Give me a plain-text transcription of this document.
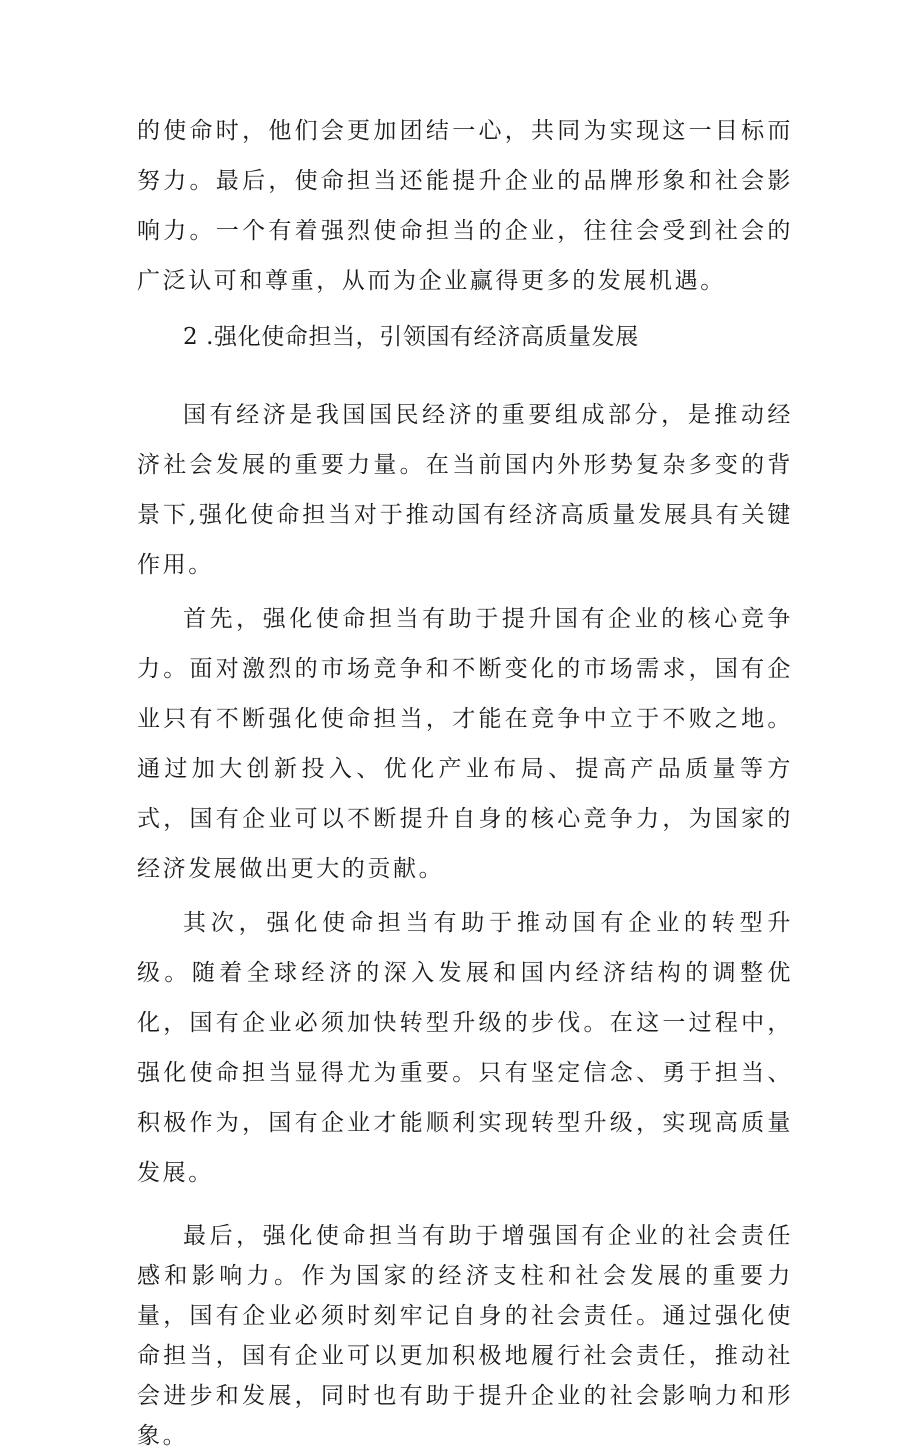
的使命时，他们会更加团结一心，共同为实现这一目标而努力。最后，使命担当还能提升企业的品牌形象和社会影响力。一个有着强烈使命担当的企业，往往会受到社会的广泛认可和尊重，从而为企业赢得更多的发展机遇。

2 .强化使命担当，引领国有经济高质量发展

国有经济是我国国民经济的重要组成部分，是推动经济社会发展的重要力量。在当前国内外形势复杂多变的背景下,强化使命担当对于推动国有经济高质量发展具有关键作用。

首先，强化使命担当有助于提升国有企业的核心竞争力。面对激烈的市场竞争和不断变化的市场需求，国有企业只有不断强化使命担当，才能在竞争中立于不败之地。通过加大创新投入、优化产业布局、提高产品质量等方式，国有企业可以不断提升自身的核心竞争力，为国家的经济发展做出更大的贡献。

其次，强化使命担当有助于推动国有企业的转型升级。随着全球经济的深入发展和国内经济结构的调整优化，国有企业必须加快转型升级的步伐。在这一过程中，强化使命担当显得尤为重要。只有坚定信念、勇于担当、积极作为，国有企业才能顺利实现转型升级，实现高质量发展。

最后，强化使命担当有助于增强国有企业的社会责任感和影响力。作为国家的经济支柱和社会发展的重要力量，国有企业必须时刻牢记自身的社会责任。通过强化使命担当，国有企业可以更加积极地履行社会责任，推动社会进步和发展，同时也有助于提升企业的社会影响力和形象。
